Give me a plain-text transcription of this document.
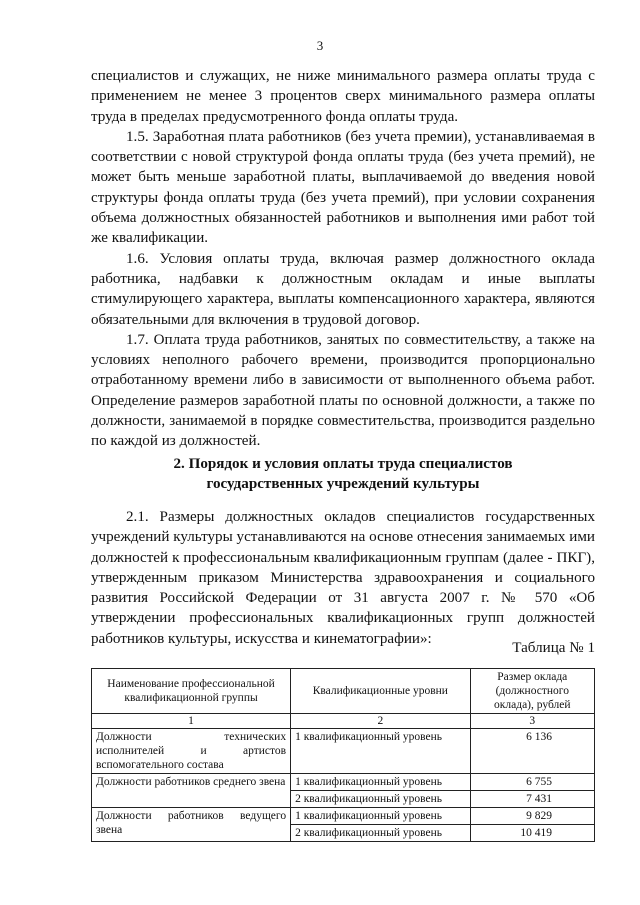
3

специалистов и служащих, не ниже минимального размера оплаты труда с применением не менее 3 процентов сверх минимального размера оплаты труда в пределах предусмотренного фонда оплаты труда.

1.5. Заработная плата работников (без учета премии), устанавливаемая в соответствии с новой структурой фонда оплаты труда (без учета премий), не может быть меньше заработной платы, выплачиваемой до введения новой структуры фонда оплаты труда (без учета премий), при условии сохранения объема должностных обязанностей работников и выполнения ими работ той же квалификации.

1.6. Условия оплаты труда, включая размер должностного оклада работника, надбавки к должностным окладам и иные выплаты стимулирующего характера, выплаты компенсационного характера, являются обязательными для включения в трудовой договор.

1.7. Оплата труда работников, занятых по совместительству, а также на условиях неполного рабочего времени, производится пропорционально отработанному времени либо в зависимости от выполненного объема работ. Определение размеров заработной платы по основной должности, а также по должности, занимаемой в порядке совместительства, производится раздельно по каждой из должностей.

2. Порядок и условия оплаты труда специалистов
государственных учреждений культуры

2.1. Размеры должностных окладов специалистов государственных учреждений культуры устанавливаются на основе отнесения занимаемых ими должностей к профессиональным квалификационным группам (далее - ПКГ), утвержденным приказом Министерства здравоохранения и социального развития Российской Федерации от 31 августа 2007 г. № 570 «Об утверждении профессиональных квалификационных групп должностей работников культуры, искусства и кинематографии»:

Таблица № 1
Наименование профессиональной квалификационной группы	Квалификационные уровни	Размер оклада (должностного оклада), рублей
1	2	3
Должности технических исполнителей и артистов вспомогательного состава	1 квалификационный уровень	6 136
Должности работников среднего звена	1 квалификационный уровень	6 755
	2 квалификационный уровень	7 431
Должности работников ведущего звена	1 квалификационный уровень	9 829
	2 квалификационный уровень	10 419
